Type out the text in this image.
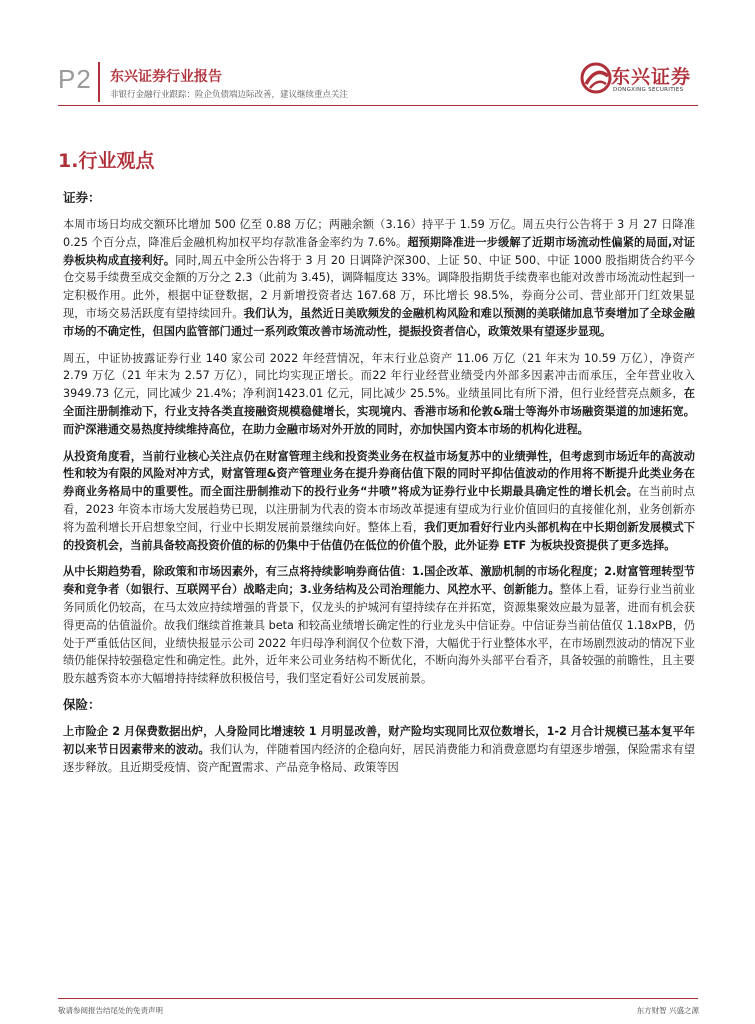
P2 东兴证券行业报告
非银行金融行业跟踪：险企负债端边际改善，建议继续重点关注
东兴证券
DONGXING SECURITIES
1.行业观点
证券：

本周市场日均成交额环比增加 500 亿至 0.88 万亿；两融余额（3.16）持平于 1.59 万亿。周五央行公告将于 3 月 27 日降准 0.25 个百分点，降准后金融机构加权平均存款准备金率约为 7.6%。超预期降准进一步缓解了近期市场流动性偏紧的局面,对证券板块构成直接利好。同时,周五中金所公告将于 3 月 20 日调降沪深300、上证 50、中证 500、中证 1000 股指期货合约平今仓交易手续费至成交金额的万分之 2.3（此前为 3.45)，调降幅度达 33%。调降股指期货手续费率也能对改善市场流动性起到一定积极作用。此外，根据中证登数据，2 月新增投资者达 167.68 万，环比增长 98.5%，券商分公司、营业部开门红效果显现，市场交易活跃度有望持续回升。我们认为，虽然近日美欧频发的金融机构风险和难以预测的美联储加息节奏增加了全球金融市场的不确定性，但国内监管部门通过一系列政策改善市场流动性，提振投资者信心，政策效果有望逐步显现。

周五，中证协披露证券行业 140 家公司 2022 年经营情况，年末行业总资产 11.06 万亿（21 年末为 10.59 万亿），净资产 2.79 万亿（21 年末为 2.57 万亿），同比均实现正增长。而22 年行业经营业绩受内外部多因素冲击而承压，全年营业收入 3949.73 亿元，同比减少 21.4%；净利润1423.01 亿元，同比减少 25.5%。业绩虽同比有所下滑，但行业经营亮点颇多，在全面注册制推动下，行业支持各类直接融资规模稳健增长，实现境内、香港市场和伦敦&瑞士等海外市场融资渠道的加速拓宽。而沪深港通交易热度持续维持高位，在助力金融市场对外开放的同时，亦加快国内资本市场的机构化进程。

从投资角度看，当前行业核心关注点仍在财富管理主线和投资类业务在权益市场复苏中的业绩弹性，但考虑到市场近年的高波动性和较为有限的风险对冲方式，财富管理&资产管理业务在提升券商估值下限的同时平抑估值波动的作用将不断提升此类业务在券商业务格局中的重要性。而全面注册制推动下的投行业务“井喷”将成为证券行业中长期最具确定性的增长机会。在当前时点看，2023 年资本市场大发展趋势已现，以注册制为代表的资本市场改革提速有望成为行业价值回归的直接催化剂，业务创新亦将为盈利增长开启想象空间，行业中长期发展前景继续向好。整体上看，我们更加看好行业内头部机构在中长期创新发展模式下的投资机会，当前具备较高投资价值的标的仍集中于估值仍在低位的价值个股，此外证券 ETF 为板块投资提供了更多选择。

从中长期趋势看，除政策和市场因素外，有三点将持续影响券商估值：1.国企改革、激励机制的市场化程度；2.财富管理转型节奏和竞争者（如银行、互联网平台）战略走向；3.业务结构及公司治理能力、风控水平、创新能力。整体上看，证券行业当前业务同质化仍较高，在马太效应持续增强的背景下，仅龙头的护城河有望持续存在并拓宽，资源集聚效应最为显著，进而有机会获得更高的估值溢价。故我们继续首推兼具 beta 和较高业绩增长确定性的行业龙头中信证券。中信证券当前估值仅 1.18xPB，仍处于严重低估区间，业绩快报显示公司 2022 年归母净利润仅个位数下滑，大幅优于行业整体水平，在市场剧烈波动的情况下业绩仍能保持较强稳定性和确定性。此外，近年来公司业务结构不断优化，不断向海外头部平台看齐，具备较强的前瞻性，且主要股东越秀资本亦大幅增持持续释放积极信号，我们坚定看好公司发展前景。

保险：

上市险企 2 月保费数据出炉，人身险同比增速较 1 月明显改善，财产险均实现同比双位数增长，1-2 月合计规模已基本复平年初以来节日因素带来的波动。我们认为，伴随着国内经济的企稳向好，居民消费能力和消费意愿均有望逐步增强，保险需求有望逐步释放。且近期受疫情、资产配置需求、产品竞争格局、政策等因

敬请参阅报告结尾处的免责声明	东方财智 兴盛之源
